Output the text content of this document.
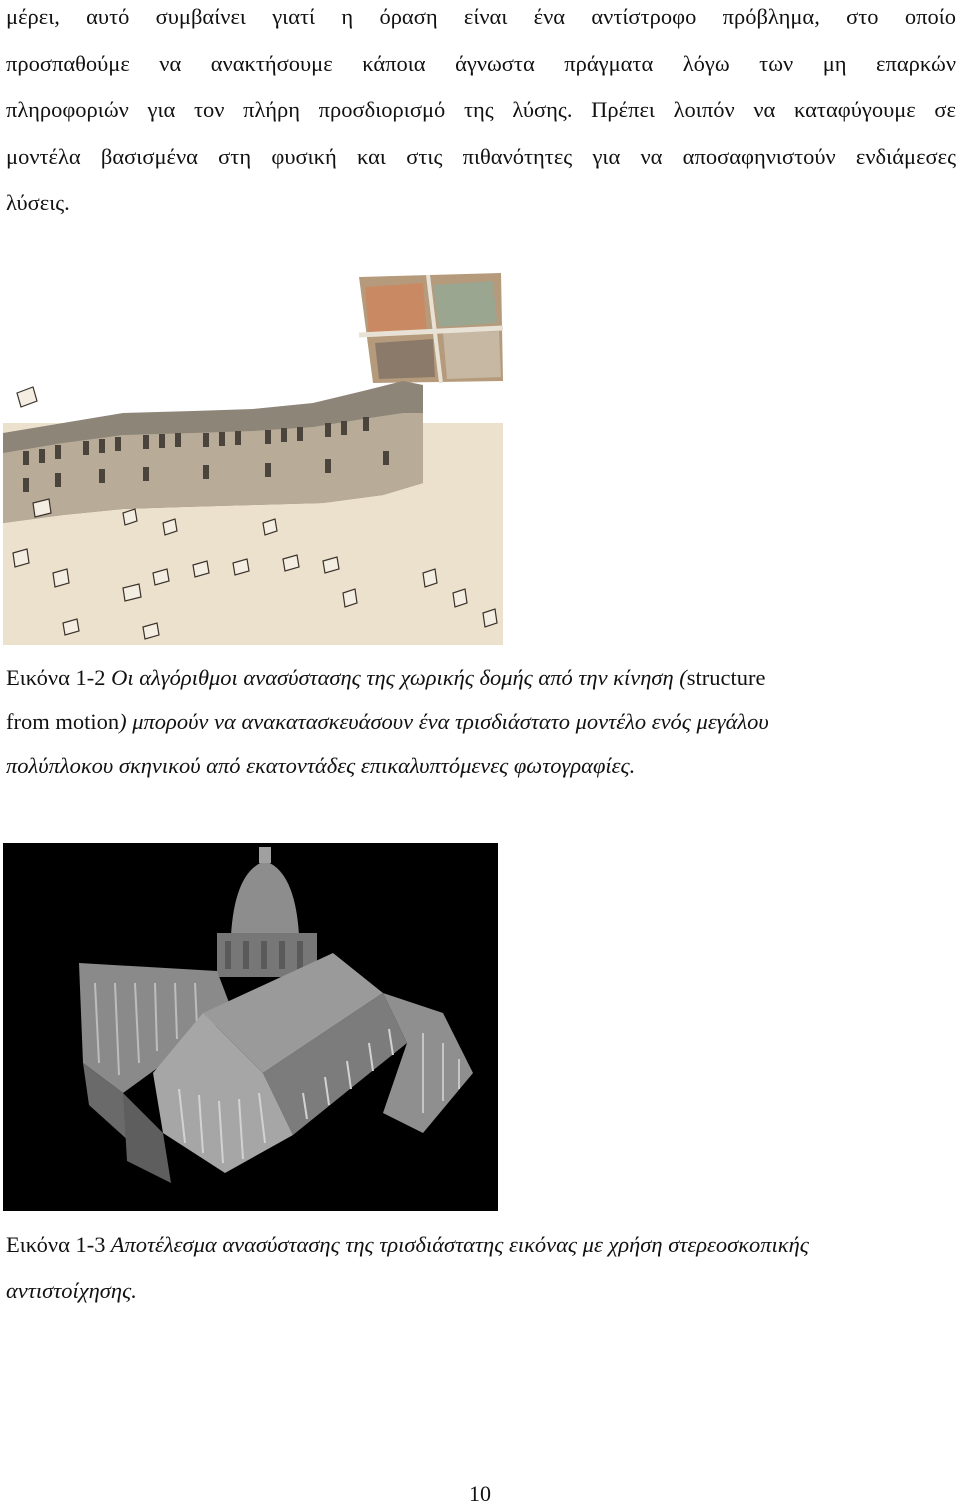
μέρει, αυτό συμβαίνει γιατί η όραση είναι ένα αντίστροφο πρόβλημα, στο οποίο
προσπαθούμε να ανακτήσουμε κάποια άγνωστα πράγματα λόγω των μη επαρκών
πληροφοριών για τον πλήρη προσδιορισμό της λύσης. Πρέπει λοιπόν να καταφύγουμε σε
μοντέλα βασισμένα στη φυσική και στις πιθανότητες για να αποσαφηνιστούν ενδιάμεσες
λύσεις.

Εικόνα 1-2 Οι αλγόριθμοι ανασύστασης της χωρικής δομής από την κίνηση (structure
from motion) μπορούν να ανακατασκευάσουν ένα τρισδιάστατο μοντέλο ενός μεγάλου
πολύπλοκου σκηνικού από εκατοντάδες επικαλυπτόμενες φωτογραφίες.

Εικόνα 1-3 Αποτέλεσμα ανασύστασης της τρισδιάστατης εικόνας με χρήση στερεοσκοπικής
αντιστοίχησης.

10
